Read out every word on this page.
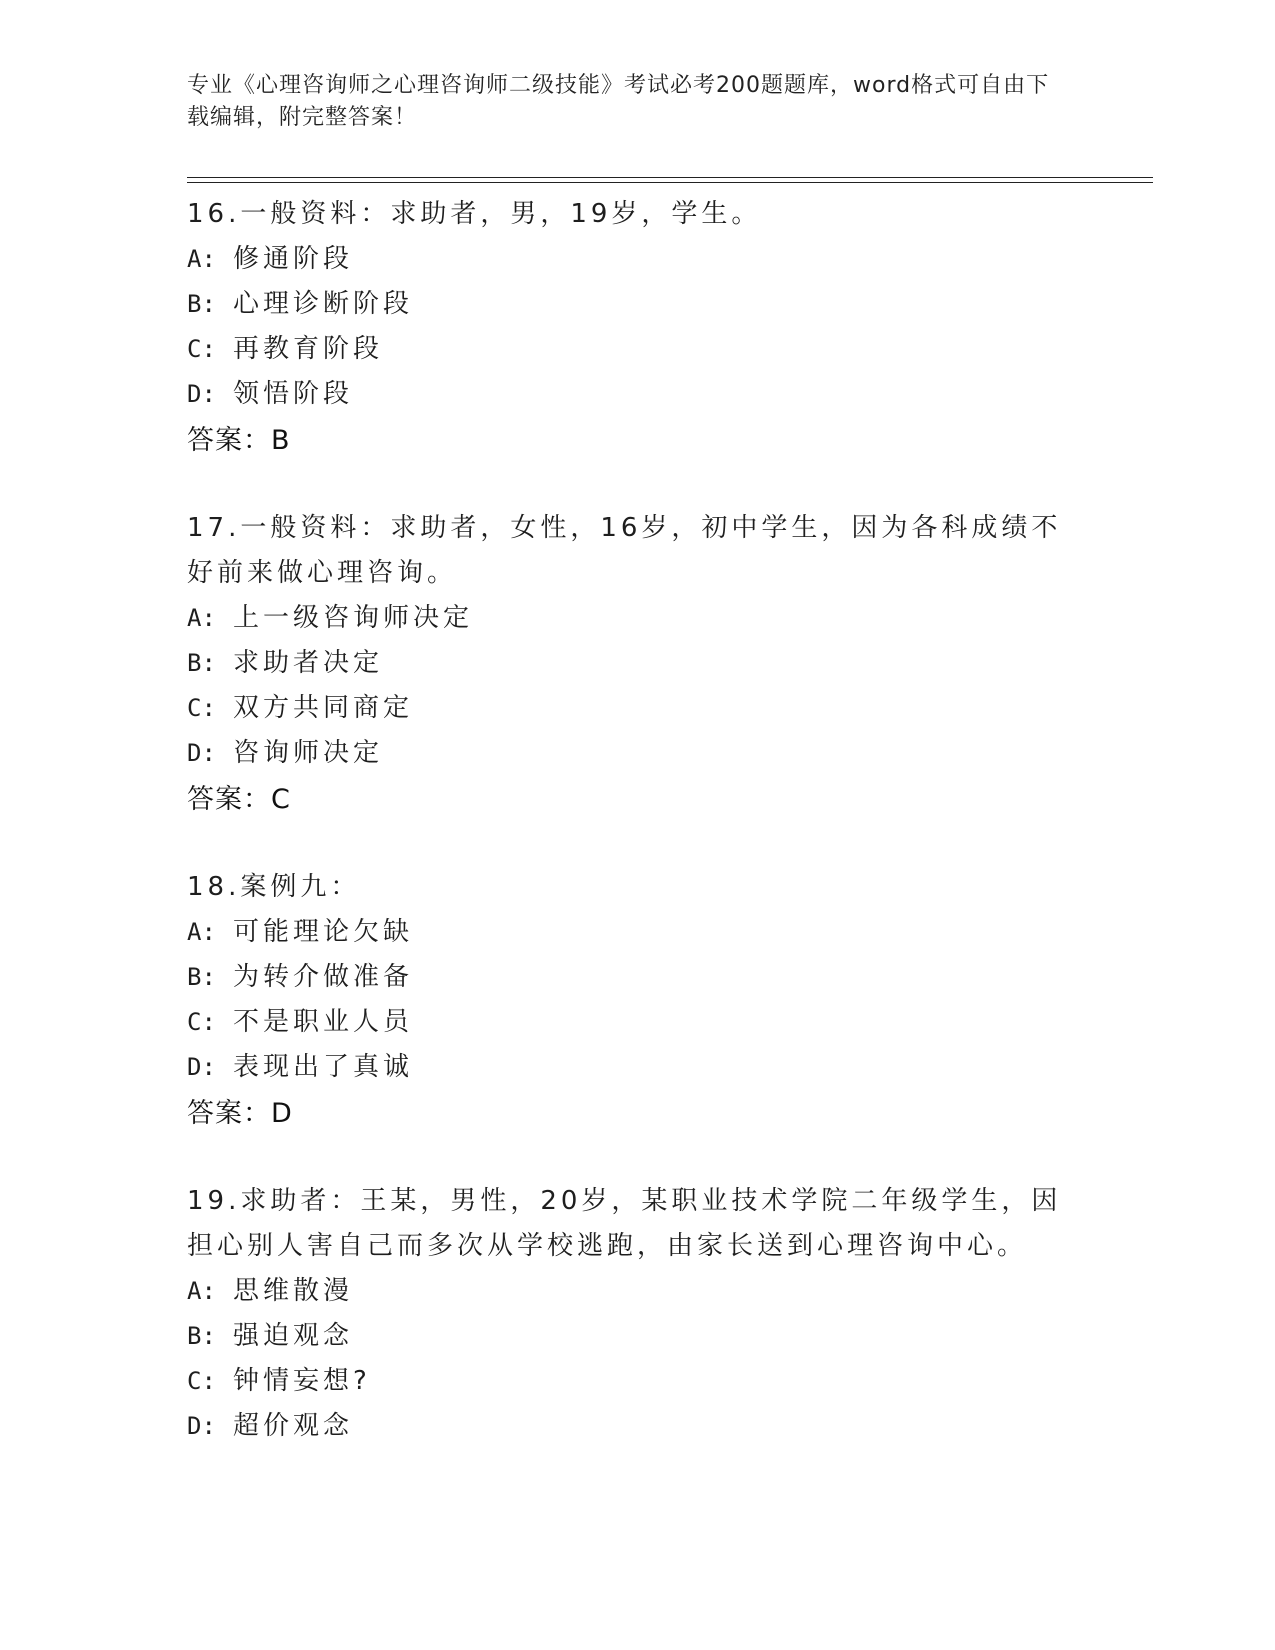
专业《心理咨询师之心理咨询师二级技能》考试必考200题题库，word格式可自由下载编辑，附完整答案！

16.一般资料：求助者，男，19岁，学生。

A: 修通阶段
B: 心理诊断阶段
C: 再教育阶段
D: 领悟阶段
答案：B

17.一般资料：求助者，女性，16岁，初中学生，因为各科成绩不好前来做心理咨询。

A: 上一级咨询师决定
B: 求助者决定
C: 双方共同商定
D: 咨询师决定
答案：C

18.案例九：

A: 可能理论欠缺
B: 为转介做准备
C: 不是职业人员
D: 表现出了真诚
答案：D

19.求助者：王某，男性，20岁，某职业技术学院二年级学生，因担心别人害自己而多次从学校逃跑，由家长送到心理咨询中心。

A: 思维散漫
B: 强迫观念
C: 钟情妄想?
D: 超价观念
